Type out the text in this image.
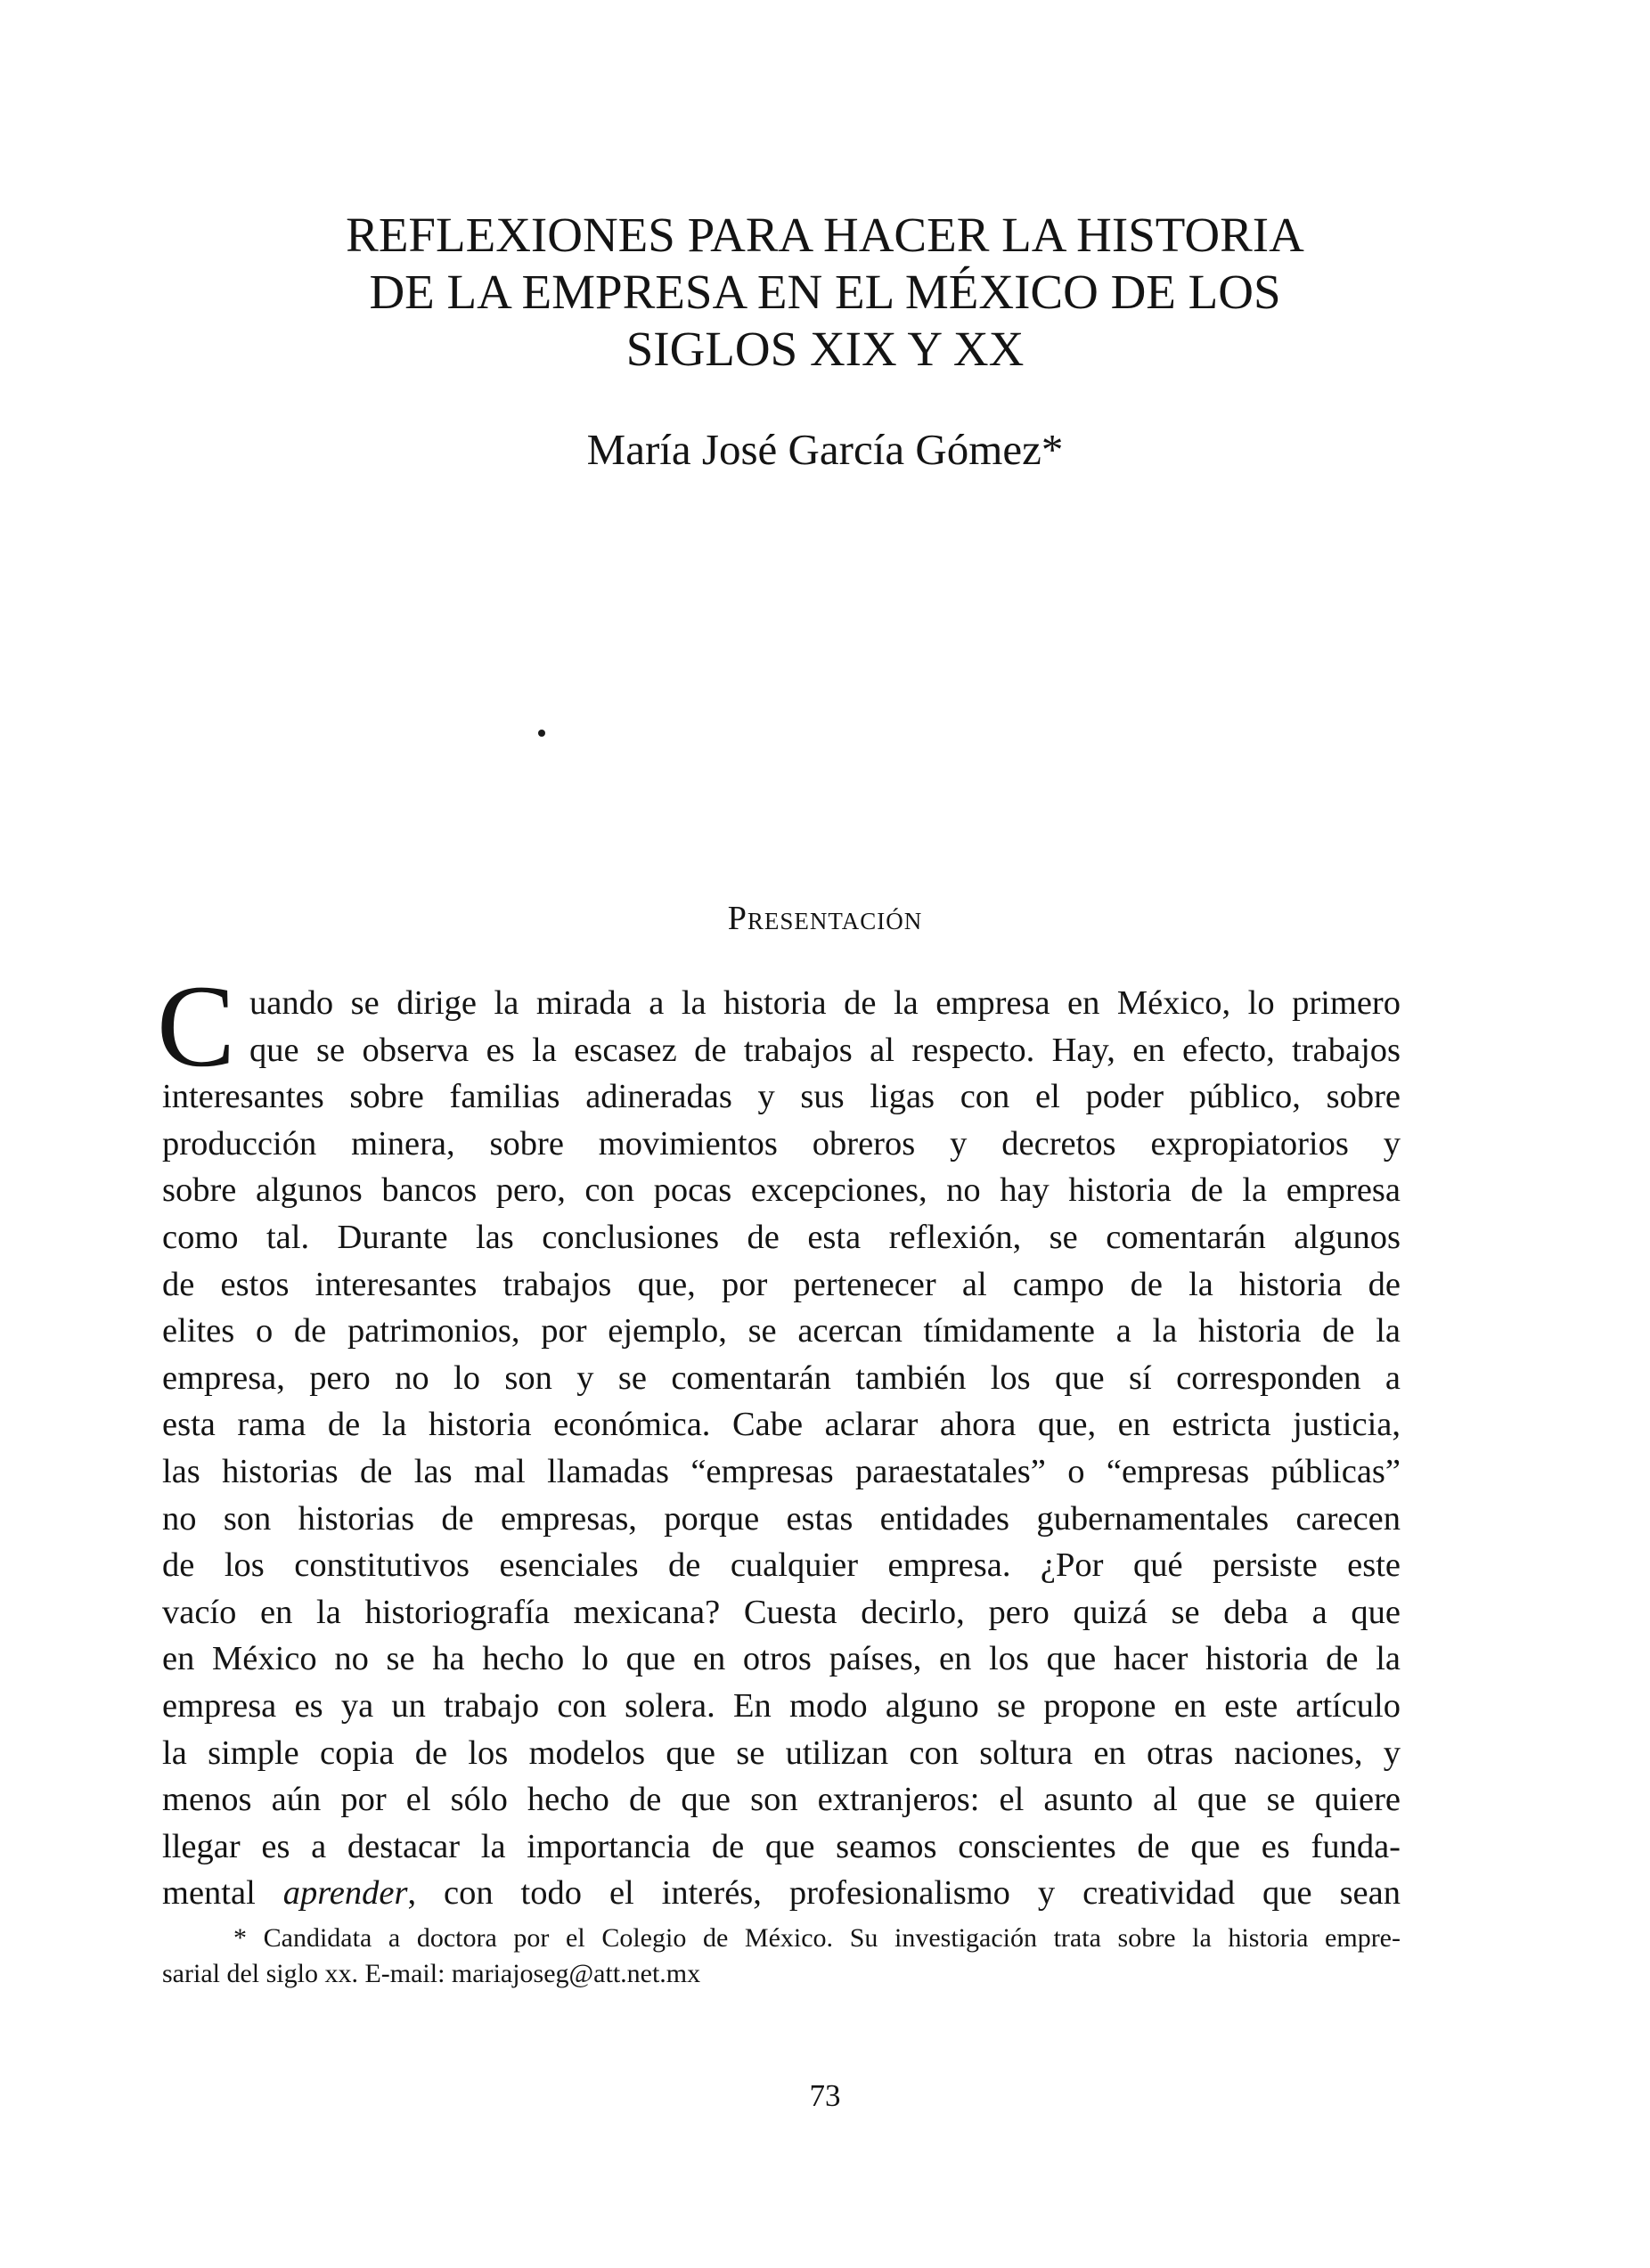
REFLEXIONES PARA HACER LA HISTORIA
DE LA EMPRESA EN EL MÉXICO DE LOS
SIGLOS XIX Y XX
María José García Gómez*
Presentación
C uando se dirige la mirada a la historia de la empresa en México, lo primero
que se observa es la escasez de trabajos al respecto. Hay, en efecto, trabajos
interesantes sobre familias adineradas y sus ligas con el poder público, sobre
producción minera, sobre movimientos obreros y decretos expropiatorios y
sobre algunos bancos pero, con pocas excepciones, no hay historia de la empresa
como tal. Durante las conclusiones de esta reflexión, se comentarán algunos
de estos interesantes trabajos que, por pertenecer al campo de la historia de
elites o de patrimonios, por ejemplo, se acercan tímidamente a la historia de la
empresa, pero no lo son y se comentarán también los que sí corresponden a
esta rama de la historia económica. Cabe aclarar ahora que, en estricta justicia,
las historias de las mal llamadas “empresas paraestatales” o “empresas públicas”
no son historias de empresas, porque estas entidades gubernamentales carecen
de los constitutivos esenciales de cualquier empresa. ¿Por qué persiste este
vacío en la historiografía mexicana? Cuesta decirlo, pero quizá se deba a que
en México no se ha hecho lo que en otros países, en los que hacer historia de la
empresa es ya un trabajo con solera. En modo alguno se propone en este artículo
la simple copia de los modelos que se utilizan con soltura en otras naciones, y
menos aún por el sólo hecho de que son extranjeros: el asunto al que se quiere
llegar es a destacar la importancia de que seamos conscientes de que es funda-
mental aprender, con todo el interés, profesionalismo y creatividad que sean
* Candidata a doctora por el Colegio de México. Su investigación trata sobre la historia empre-
sarial del siglo xx. E-mail: mariajoseg@att.net.mx
73
